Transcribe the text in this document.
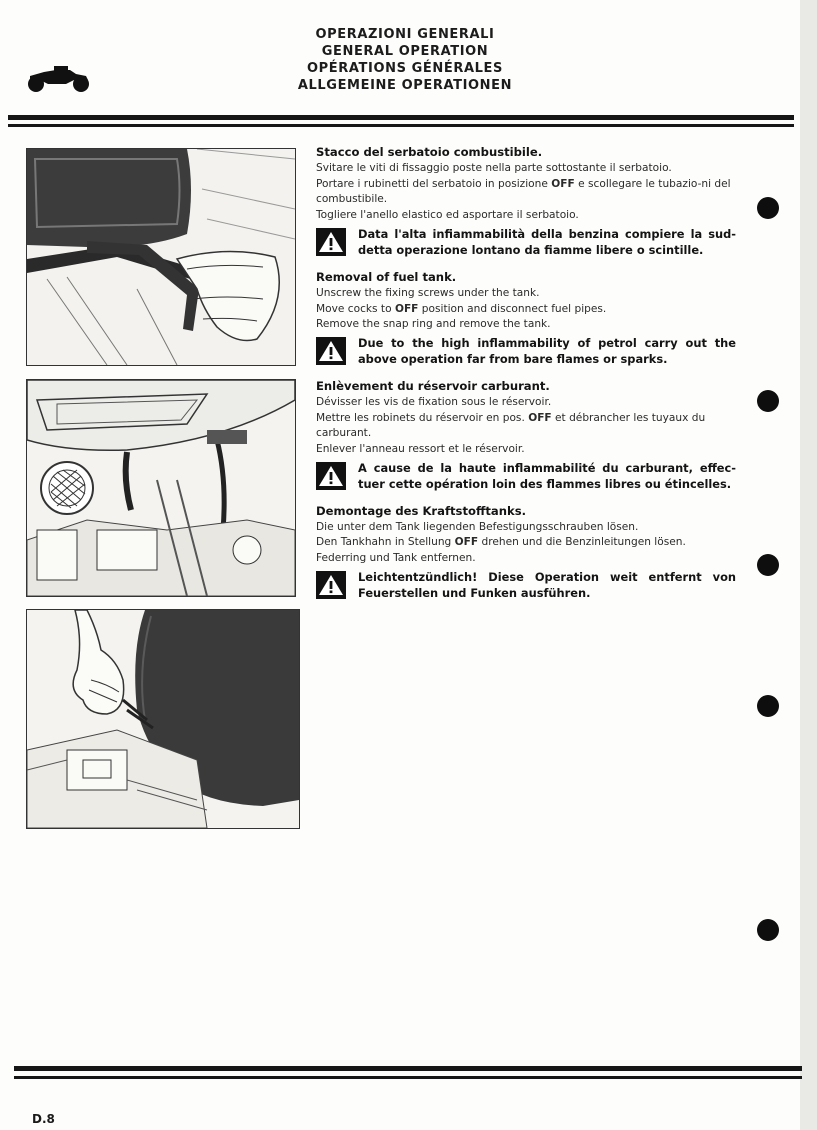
OPERAZIONI GENERALI
GENERAL OPERATION
OPÉRATIONS GÉNÉRALES
ALLGEMEINE OPERATIONEN
Stacco del serbatoio combustibile.
Svitare le viti di fissaggio poste nella parte sottostante il serbatoio.
Portare i rubinetti del serbatoio in posizione OFF e scollegare le tubazio-ni del combustibile.
Togliere l'anello elastico ed asportare il serbatoio.
Data l'alta infiammabilità della benzina compiere la sud-detta operazione lontano da fiamme libere o scintille.
Removal of fuel tank.
Unscrew the fixing screws under the tank.
Move cocks to OFF position and disconnect fuel pipes.
Remove the snap ring and remove the tank.
Due to the high inflammability of petrol carry out the above operation far from bare flames or sparks.
Enlèvement du réservoir carburant.
Dévisser les vis de fixation sous le réservoir.
Mettre les robinets du réservoir en pos. OFF et débrancher les tuyaux du carburant.
Enlever l'anneau ressort et le réservoir.
A cause de la haute inflammabilité du carburant, effec-tuer cette opération loin des flammes libres ou étincelles.
Demontage des Kraftstofftanks.
Die unter dem Tank liegenden Befestigungsschrauben lösen.
Den Tankhahn in Stellung OFF drehen und die Benzinleitungen lösen.
Federring und Tank entfernen.
Leichtentzündlich! Diese Operation weit entfernt von Feuerstellen und Funken ausführen.
D.8
